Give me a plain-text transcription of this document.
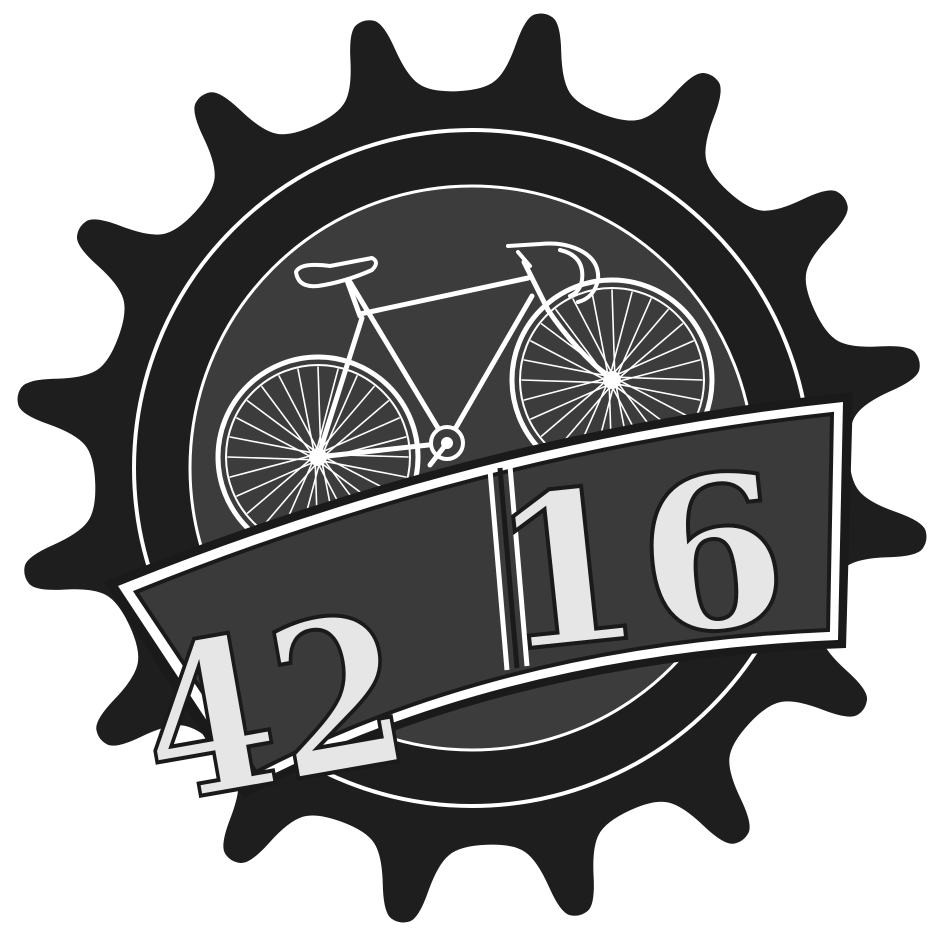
42
16
